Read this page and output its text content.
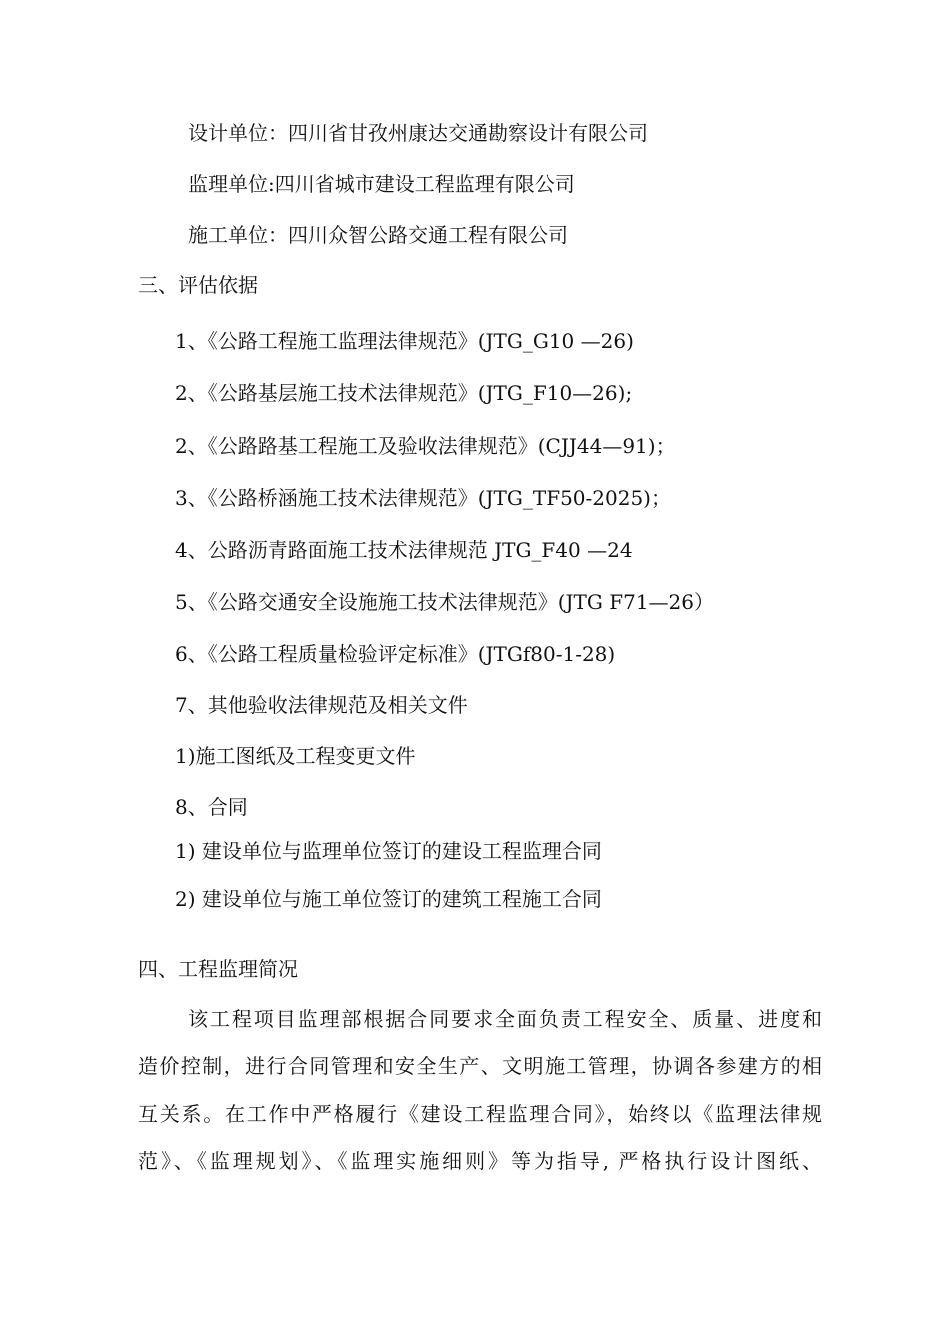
设计单位：四川省甘孜州康达交通勘察设计有限公司
监理单位:四川省城市建设工程监理有限公司
施工单位：四川众智公路交通工程有限公司
三、评估依据
1、《公路工程施工监理法律规范》(JTG_G10 —26)
2、《公路基层施工技术法律规范》(JTG_F10—26);
2、《公路路基工程施工及验收法律规范》(CJJ44—91)；
3、《公路桥涵施工技术法律规范》(JTG_TF50-2025)；
4、公路沥青路面施工技术法律规范 JTG_F40 —24
5、《公路交通安全设施施工技术法律规范》(JTG F71—26）
6、《公路工程质量检验评定标准》(JTGf80-1-28)
7、其他验收法律规范及相关文件
1)施工图纸及工程变更文件
8、合同
1) 建设单位与监理单位签订的建设工程监理合同
2) 建设单位与施工单位签订的建筑工程施工合同
四、工程监理简况
该工程项目监理部根据合同要求全面负责工程安全、质量、进度和
造价控制，进行合同管理和安全生产、文明施工管理，协调各参建方的相
互关系。在工作中严格履行《建设工程监理合同》，始终以《监理法律规
范》、《监理规划》、《监理实施细则》等为指导, 严格执行设计图纸、
